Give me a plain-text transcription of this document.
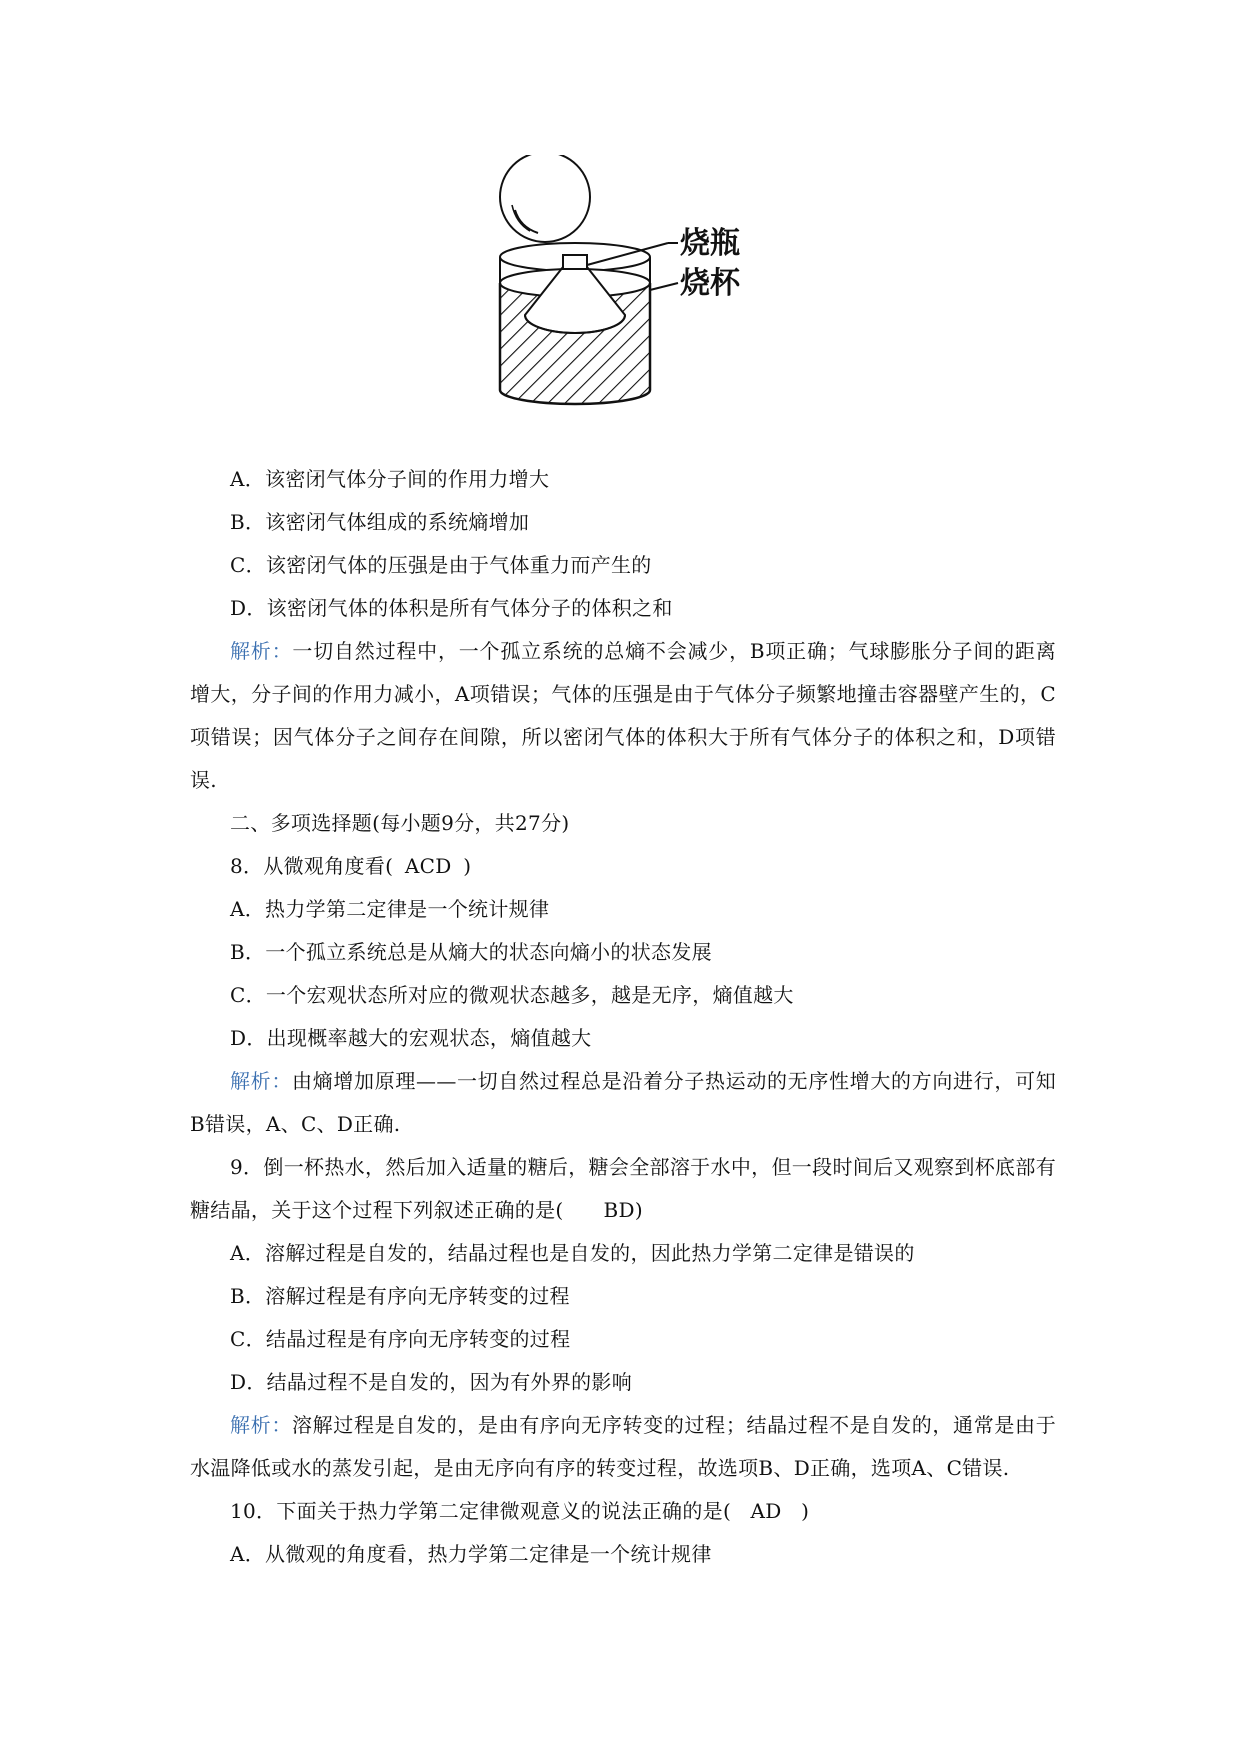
烧瓶
烧杯
A．该密闭气体分子间的作用力增大
B．该密闭气体组成的系统熵增加
C．该密闭气体的压强是由于气体重力而产生的
D．该密闭气体的体积是所有气体分子的体积之和
解析：一切自然过程中，一个孤立系统的总熵不会减少，B项正确；气球膨胀分子间的距离增大，分子间的作用力减小，A项错误；气体的压强是由于气体分子频繁地撞击容器壁产生的，C项错误；因气体分子之间存在间隙，所以密闭气体的体积大于所有气体分子的体积之和，D项错误.
二、多项选择题(每小题9分，共27分)
8．从微观角度看( ACD )
A．热力学第二定律是一个统计规律
B．一个孤立系统总是从熵大的状态向熵小的状态发展
C．一个宏观状态所对应的微观状态越多，越是无序，熵值越大
D．出现概率越大的宏观状态，熵值越大
解析：由熵增加原理——一切自然过程总是沿着分子热运动的无序性增大的方向进行，可知B错误，A、C、D正确.
9．倒一杯热水，然后加入适量的糖后，糖会全部溶于水中，但一段时间后又观察到杯底部有糖结晶，关于这个过程下列叙述正确的是( BD)
A．溶解过程是自发的，结晶过程也是自发的，因此热力学第二定律是错误的
B．溶解过程是有序向无序转变的过程
C．结晶过程是有序向无序转变的过程
D．结晶过程不是自发的，因为有外界的影响
解析：溶解过程是自发的，是由有序向无序转变的过程；结晶过程不是自发的，通常是由于水温降低或水的蒸发引起，是由无序向有序的转变过程，故选项B、D正确，选项A、C错误.
10．下面关于热力学第二定律微观意义的说法正确的是( AD )
A．从微观的角度看，热力学第二定律是一个统计规律
